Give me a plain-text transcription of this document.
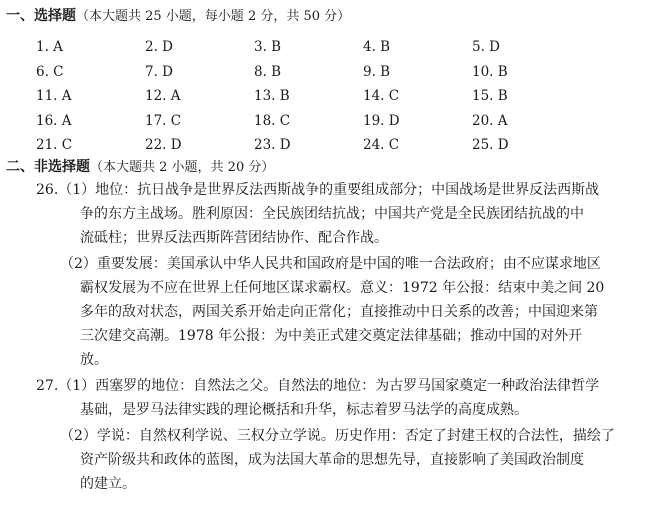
一、选择题（本大题共 25 小题，每小题 2 分，共 50 分）
1. A	2. D	3. B	4. B	5. D
6. C	7. D	8. B	9. B	10. B
11. A	12. A	13. B	14. C	15. B
16. A	17. C	18. C	19. D	20. A
21. C	22. D	23. D	24. C	25. D
二、非选择题（本大题共 2 小题，共 20 分）
26.（1）地位：抗日战争是世界反法西斯战争的重要组成部分；中国战场是世界反法西斯战
争的东方主战场。胜利原因：全民族团结抗战；中国共产党是全民族团结抗战的中
流砥柱；世界反法西斯阵营团结协作、配合作战。
（2）重要发展：美国承认中华人民共和国政府是中国的唯一合法政府；由不应谋求地区
霸权发展为不应在世界上任何地区谋求霸权。意义：1972 年公报：结束中美之间 20
多年的敌对状态，两国关系开始走向正常化；直接推动中日关系的改善；中国迎来第
三次建交高潮。1978 年公报：为中美正式建交奠定法律基础；推动中国的对外开
放。
27.（1）西塞罗的地位：自然法之父。自然法的地位：为古罗马国家奠定一种政治法律哲学
基础，是罗马法律实践的理论概括和升华，标志着罗马法学的高度成熟。
（2）学说：自然权利学说、三权分立学说。历史作用：否定了封建王权的合法性，描绘了
资产阶级共和政体的蓝图，成为法国大革命的思想先导，直接影响了美国政治制度
的建立。
